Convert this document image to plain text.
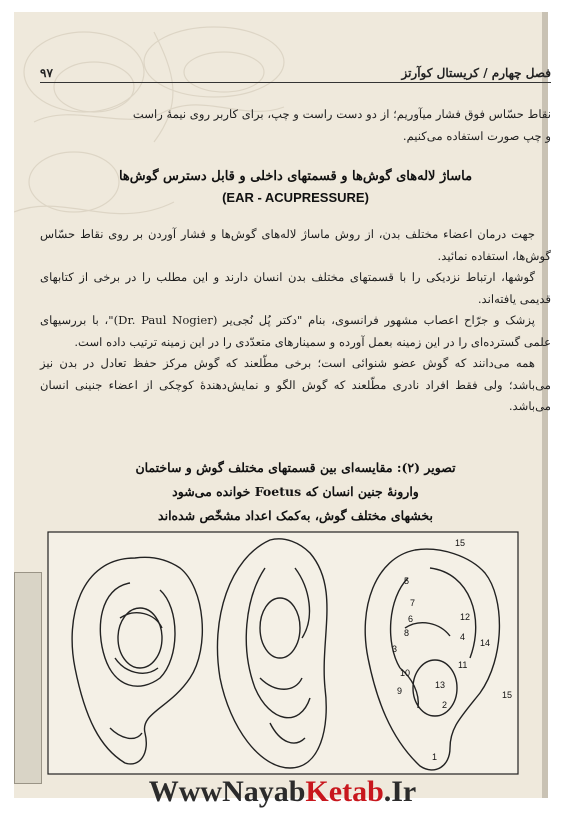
۹۷	فصل چهارم / کریستال کوآرتز

نقاط حسّاس فوق فشار میآوریم؛ از دو دست راست و چپ، برای کاربر روی نیمهٔ راست

و چپ صورت استفاده می‌کنیم.

ماساژ لاله‌های گوش‌ها و قسمتهای داخلی و قابل دسترس گوش‌ها
(EAR - ACUPRESSURE)

جهت درمان اعضاء مختلف بدن، از روش ماساژ لاله‌های گوش‌ها و فشار آوردن بر روی نقاط حسّاس گوش‌ها، استفاده نمائید.

گوشها، ارتباط نزدیکی را با قسمتهای مختلف بدن انسان دارند و این مطلب را در برخی از کتابهای قدیمی یافته‌اند.

پزشک و جرّاح اعصاب مشهور فرانسوی، بنام "دکتر پُل نُجی‌یر (Dr. Paul Nogier)"، با بررسیهای علمی گسترده‌ای را در این زمینه بعمل آورده و سمینارهای متعدّدی را در این زمینه ترتیب داده است.

همه می‌دانند که گوش عضو شنوائی است؛ برخی مطّلعند که گوش مرکز حفظ تعادل در بدن نیز می‌باشد؛ ولی فقط افراد نادری مطّلعند که گوش الگو و نمایش‌دهندهٔ کوچکی از اعضاء جنینی انسان می‌باشد.

تصویر (۲): مقایسه‌ای بین قسمتهای مختلف گوش و ساختمان
وارونهٔ جنین انسان که Foetus خوانده می‌شود
بخشهای مختلف گوش، به‌کمک اعداد مشخّص شده‌اند
15
5
7
6
8
12
4
14
3
10
11
13
9
2
15
1
WwwNayab Ketab .Ir
